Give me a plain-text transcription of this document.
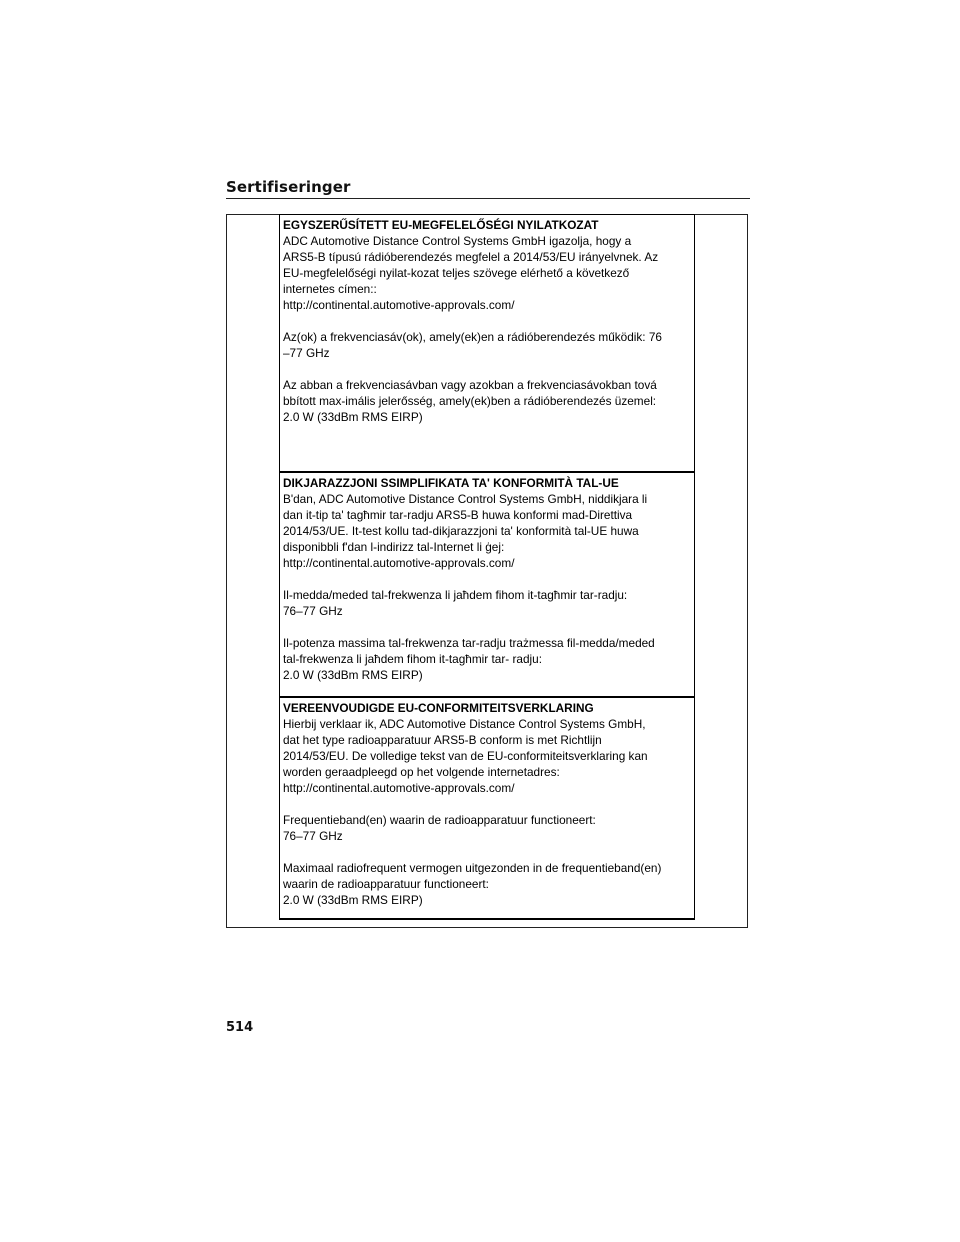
Sertifiseringer
EGYSZERŰSÍTETT EU-MEGFELELŐSÉGI NYILATKOZAT

ADC Automotive Distance Control Systems GmbH igazolja, hogy a
ARS5-B típusú rádióberendezés megfelel a 2014/53/EU irányelvnek. Az
EU-megfelelőségi nyilat-kozat teljes szövege elérhető a következő
internetes címen::
http://continental.automotive-approvals.com/

Az(ok) a frekvenciasáv(ok), amely(ek)en a rádióberendezés működik: 76
–77 GHz

Az abban a frekvenciasávban vagy azokban a frekvenciasávokban tová
bbított max-imális jelerősség, amely(ek)ben a rádióberendezés üzemel:
2.0 W (33dBm RMS EIRP)

DIKJARAZZJONI SSIMPLIFIKATA TA' KONFORMITÀ TAL-UE

B'dan, ADC Automotive Distance Control Systems GmbH, niddikjara li
dan it-tip ta' tagħmir tar-radju ARS5-B huwa konformi mad-Direttiva
2014/53/UE. It-test kollu tad-dikjarazzjoni ta' konformità tal-UE huwa
disponibbli f'dan l-indirizz tal-Internet li ġej:
http://continental.automotive-approvals.com/

Il-medda/meded tal-frekwenza li jaħdem fihom it-tagħmir tar-radju:
76–77 GHz

Il-potenza massima tal-frekwenza tar-radju trażmessa fil-medda/meded
tal-frekwenza li jaħdem fihom it-tagħmir tar- radju:
2.0 W (33dBm RMS EIRP)

VEREENVOUDIGDE EU-CONFORMITEITSVERKLARING

Hierbij verklaar ik, ADC Automotive Distance Control Systems GmbH,
dat het type radioapparatuur ARS5-B conform is met Richtlijn
2014/53/EU. De volledige tekst van de EU-conformiteitsverklaring kan
worden geraadpleegd op het volgende internetadres:
http://continental.automotive-approvals.com/

Frequentieband(en) waarin de radioapparatuur functioneert:
76–77 GHz

Maximaal radiofrequent vermogen uitgezonden in de frequentieband(en)
waarin de radioapparatuur functioneert:
2.0 W (33dBm RMS EIRP)

514
